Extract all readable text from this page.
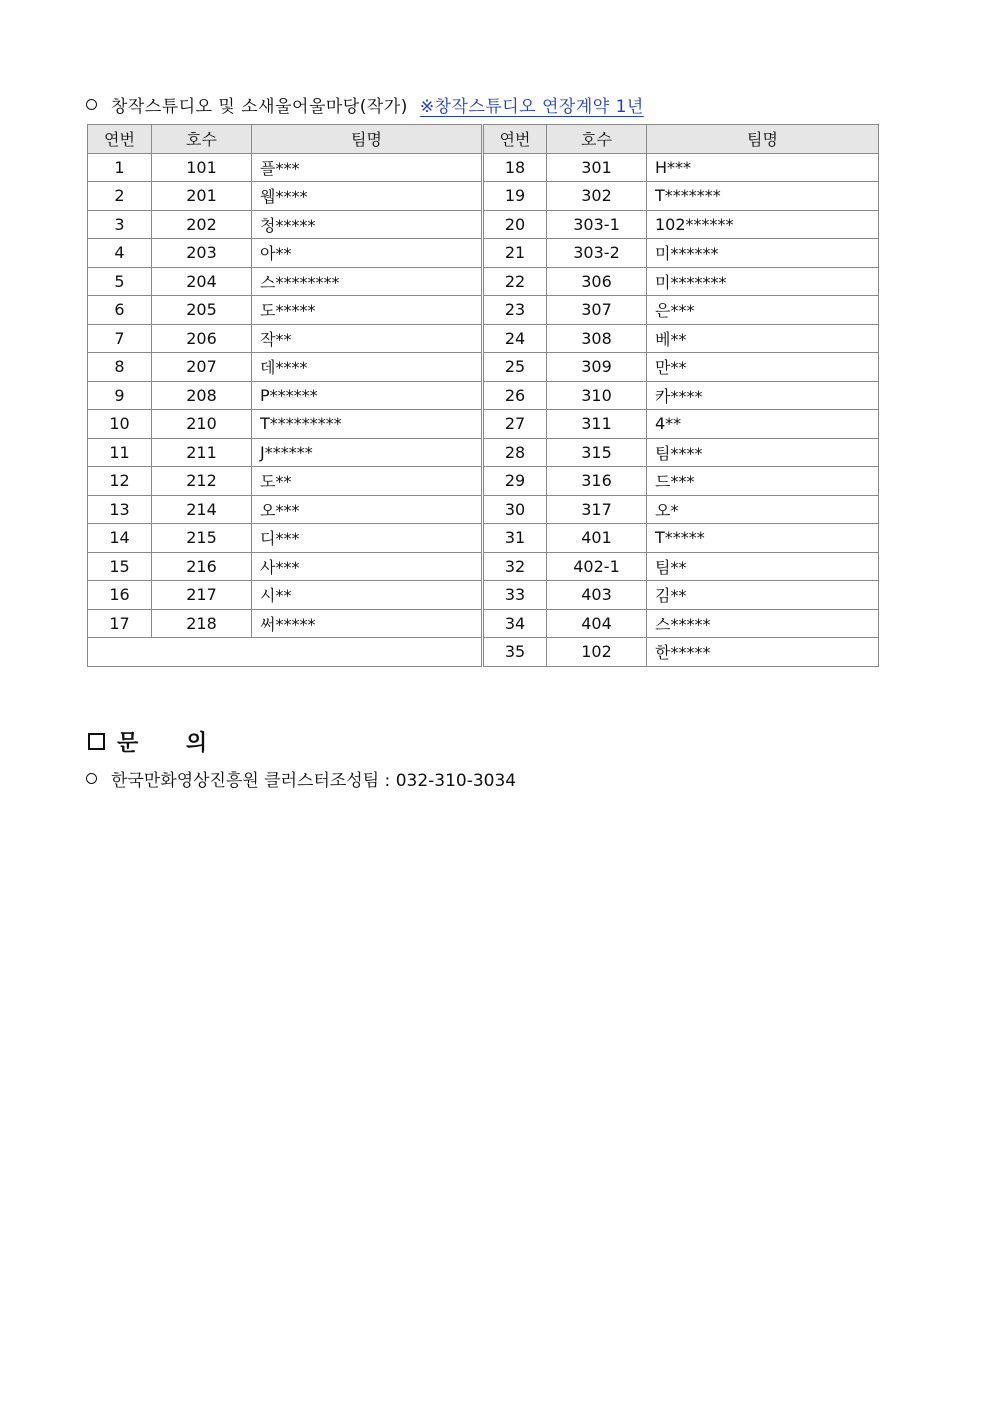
창작스튜디오 및 소새울어울마당(작가) ※창작스튜디오 연장계약 1년
연번	호수	팀명	연번	호수	팀명
1	101	플***	18	301	H***
2	201	웹****	19	302	T*******
3	202	청*****	20	303-1	102******
4	203	아**	21	303-2	미******
5	204	스********	22	306	미*******
6	205	도*****	23	307	은***
7	206	작**	24	308	베**
8	207	데****	25	309	만**
9	208	P******	26	310	카****
10	210	T*********	27	311	4**
11	211	J******	28	315	팀****
12	212	도**	29	316	드***
13	214	오***	30	317	오*
14	215	디***	31	401	T*****
15	216	사***	32	402-1	팀**
16	217	시**	33	403	김**
17	218	써*****	34	404	스*****
			35	102	한*****
문 의
한국만화영상진흥원 클러스터조성팀 : 032-310-3034
